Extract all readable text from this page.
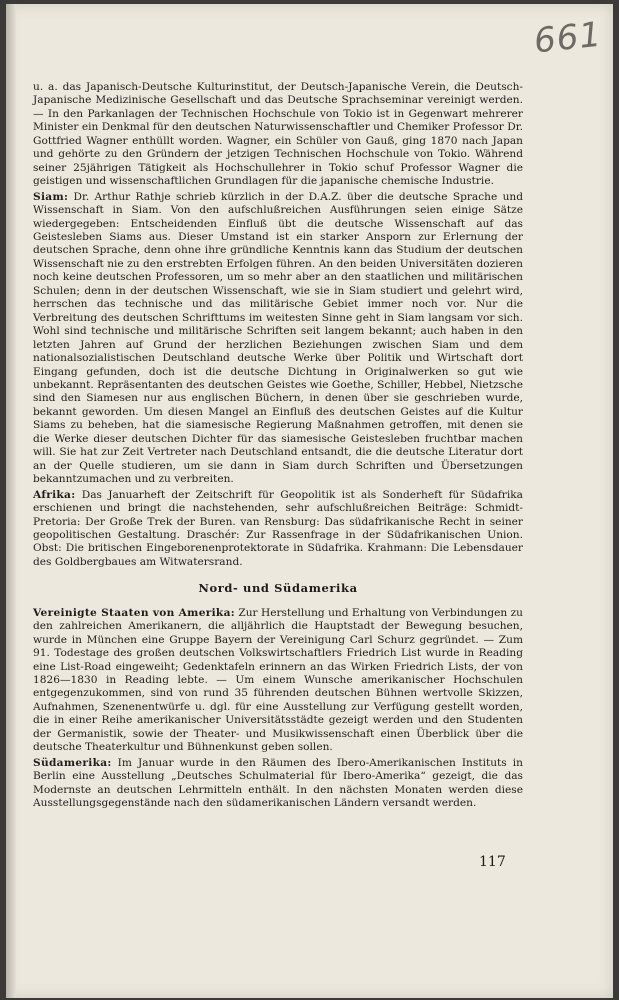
661

u. a. das Japanisch-Deutsche Kulturinstitut, der Deutsch-Japanische Verein, die Deutsch-Japanische Medizinische Gesellschaft und das Deutsche Sprachseminar vereinigt werden. — In den Parkanlagen der Technischen Hochschule von Tokio ist in Gegenwart mehrerer Minister ein Denkmal für den deutschen Naturwissenschaftler und Chemiker Professor Dr. Gottfried Wagner enthüllt worden. Wagner, ein Schüler von Gauß, ging 1870 nach Japan und gehörte zu den Gründern der jetzigen Technischen Hochschule von Tokio. Während seiner 25jährigen Tätigkeit als Hochschullehrer in Tokio schuf Professor Wagner die geistigen und wissenschaftlichen Grundlagen für die japanische chemische Industrie.

Siam: Dr. Arthur Rathje schrieb kürzlich in der D.A.Z. über die deutsche Sprache und Wissenschaft in Siam. Von den aufschlußreichen Ausführungen seien einige Sätze wiedergegeben: Entscheidenden Einfluß übt die deutsche Wissenschaft auf das Geistesleben Siams aus. Dieser Umstand ist ein starker Ansporn zur Erlernung der deutschen Sprache, denn ohne ihre gründliche Kenntnis kann das Studium der deutschen Wissenschaft nie zu den erstrebten Erfolgen führen. An den beiden Universitäten dozieren noch keine deutschen Professoren, um so mehr aber an den staatlichen und militärischen Schulen; denn in der deutschen Wissenschaft, wie sie in Siam studiert und gelehrt wird, herrschen das technische und das militärische Gebiet immer noch vor. Nur die Verbreitung des deutschen Schrifttums im weitesten Sinne geht in Siam langsam vor sich. Wohl sind technische und militärische Schriften seit langem bekannt; auch haben in den letzten Jahren auf Grund der herzlichen Beziehungen zwischen Siam und dem nationalsozialistischen Deutschland deutsche Werke über Politik und Wirtschaft dort Eingang gefunden, doch ist die deutsche Dichtung in Originalwerken so gut wie unbekannt. Repräsentanten des deutschen Geistes wie Goethe, Schiller, Hebbel, Nietzsche sind den Siamesen nur aus englischen Büchern, in denen über sie geschrieben wurde, bekannt geworden. Um diesen Mangel an Einfluß des deutschen Geistes auf die Kultur Siams zu beheben, hat die siamesische Regierung Maßnahmen getroffen, mit denen sie die Werke dieser deutschen Dichter für das siamesische Geistesleben fruchtbar machen will. Sie hat zur Zeit Vertreter nach Deutschland entsandt, die die deutsche Literatur dort an der Quelle studieren, um sie dann in Siam durch Schriften und Übersetzungen bekanntzumachen und zu verbreiten.

Afrika: Das Januarheft der Zeitschrift für Geopolitik ist als Sonderheft für Südafrika erschienen und bringt die nachstehenden, sehr aufschlußreichen Beiträge: Schmidt-Pretoria: Der Große Trek der Buren. van Rensburg: Das südafrikanische Recht in seiner geopolitischen Gestaltung. Draschér: Zur Rassenfrage in der Südafrikanischen Union. Obst: Die britischen Eingeborenenprotektorate in Südafrika. Krahmann: Die Lebensdauer des Goldbergbaues am Witwatersrand.

Nord- und Südamerika

Vereinigte Staaten von Amerika: Zur Herstellung und Erhaltung von Verbindungen zu den zahlreichen Amerikanern, die alljährlich die Hauptstadt der Bewegung besuchen, wurde in München eine Gruppe Bayern der Vereinigung Carl Schurz gegründet. — Zum 91. Todestage des großen deutschen Volkswirtschaftlers Friedrich List wurde in Reading eine List-Road eingeweiht; Gedenktafeln erinnern an das Wirken Friedrich Lists, der von 1826—1830 in Reading lebte. — Um einem Wunsche amerikanischer Hochschulen entgegenzukommen, sind von rund 35 führenden deutschen Bühnen wertvolle Skizzen, Aufnahmen, Szenenentwürfe u. dgl. für eine Ausstellung zur Verfügung gestellt worden, die in einer Reihe amerikanischer Universitätsstädte gezeigt werden und den Studenten der Germanistik, sowie der Theater- und Musikwissenschaft einen Überblick über die deutsche Theaterkultur und Bühnenkunst geben sollen.

Südamerika: Im Januar wurde in den Räumen des Ibero-Amerikanischen Instituts in Berlin eine Ausstellung „Deutsches Schulmaterial für Ibero-Amerika“ gezeigt, die das Modernste an deutschen Lehrmitteln enthält. In den nächsten Monaten werden diese Ausstellungsgegenstände nach den südamerikanischen Ländern versandt werden.

117
